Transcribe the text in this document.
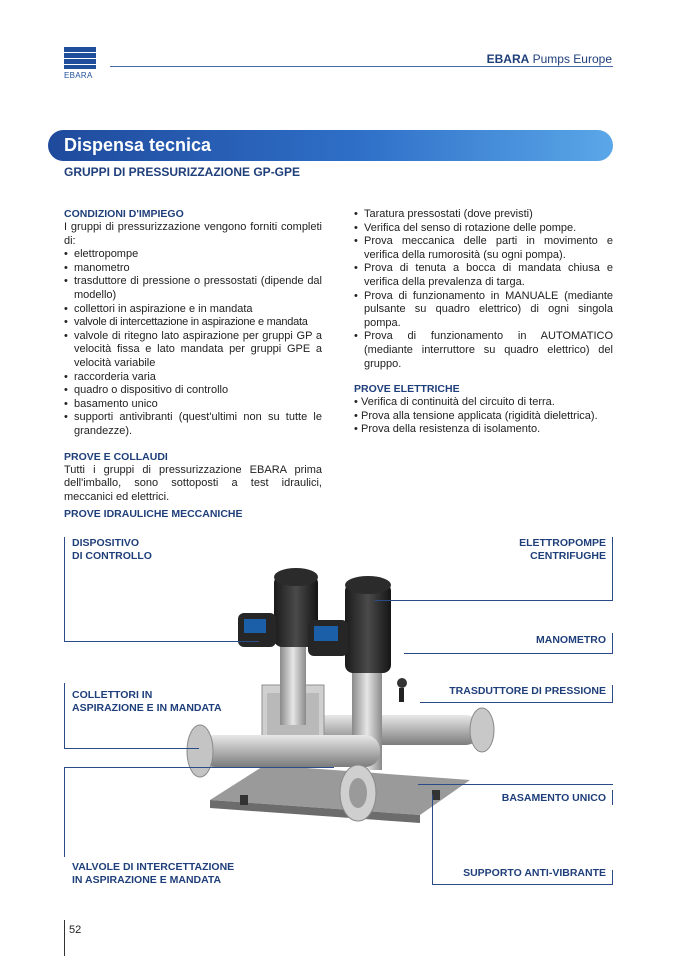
EBARA
EBARA Pumps Europe
Dispensa tecnica
GRUPPI DI PRESSURIZZAZIONE GP-GPE
CONDIZIONI D'IMPIEGO
I gruppi di pressurizzazione vengono forniti completi di:
• elettropompe
• manometro
• trasduttore di pressione o pressostati (dipende dal modello)
• collettori in aspirazione e in mandata
• valvole di intercettazione in aspirazione e mandata
• valvole di ritegno lato aspirazione per gruppi GP a velocità fissa e lato mandata per gruppi GPE a velocità variabile
• raccorderia varia
• quadro o dispositivo di controllo
• basamento unico
• supporti antivibranti (quest'ultimi non su tutte le grandezze).
PROVE E COLLAUDI
Tutti i gruppi di pressurizzazione EBARA prima dell'imballo, sono sottoposti a test idraulici, meccanici ed elettrici.
• Taratura pressostati (dove previsti)
• Verifica del senso di rotazione delle pompe.
• Prova meccanica delle parti in movimento e verifica della rumorosità (su ogni pompa).
• Prova di tenuta a bocca di mandata chiusa e verifica della prevalenza di targa.
• Prova di funzionamento in MANUALE (mediante pulsante su quadro elettrico) di ogni singola pompa.
• Prova di funzionamento in AUTOMATICO (mediante interruttore su quadro elettrico) del gruppo.
PROVE ELETTRICHE
• Verifica di continuità del circuito di terra.
• Prova alla tensione applicata (rigidità dielettrica).
• Prova della resistenza di isolamento.
PROVE IDRAULICHE MECCANICHE
DISPOSITIVO
DI CONTROLLO
ELETTROPOMPE
CENTRIFUGHE
MANOMETRO
COLLETTORI IN
ASPIRAZIONE E IN MANDATA
TRASDUTTORE DI PRESSIONE
BASAMENTO UNICO
VALVOLE DI INTERCETTAZIONE
IN ASPIRAZIONE E MANDATA
SUPPORTO ANTI-VIBRANTE
52
